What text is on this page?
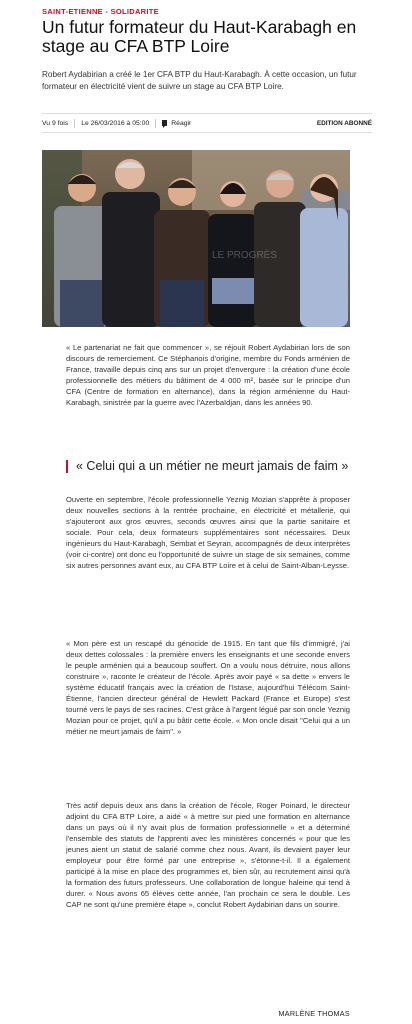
SAINT-ETIENNE - SOLIDARITE
Un futur formateur du Haut-Karabagh en stage au CFA BTP Loire
Robert Aydabirian a créé le 1er CFA BTP du Haut-Karabagh. À cette occasion, un futur formateur en électricité vient de suivre un stage au CFA BTP Loire.
Vu 9 fois Le 26/03/2016 à 05:00	Réagir	EDITION ABONNÉ
LE PROGRÈS

« Le partenariat ne fait que commencer », se réjouit Robert Aydabirian lors de son discours de remerciement. Ce Stéphanois d'origine, membre du Fonds arménien de France, travaille depuis cinq ans sur un projet d'envergure : la création d'une école professionnelle des métiers du bâtiment de 4 000 m², basée sur le principe d'un CFA (Centre de formation en alternance), dans la région arménienne du Haut-Karabagh, sinistrée par la guerre avec l'Azerbaïdjan, dans les années 90.

« Celui qui a un métier ne meurt jamais de faim »

Ouverte en septembre, l'école professionnelle Yeznig Mozian s'apprête à proposer deux nouvelles sections à la rentrée prochaine, en électricité et métallerie, qui s'ajouteront aux gros œuvres, seconds œuvres ainsi que la partie sanitaire et sociale. Pour cela, deux formateurs supplémentaires sont nécessaires. Deux ingénieurs du Haut-Karabagh, Sembat et Seyran, accompagnés de deux interprètes (voir ci-contre) ont donc eu l'opportunité de suivre un stage de six semaines, comme six autres personnes avant eux, au CFA BTP Loire et à celui de Saint-Alban-Leysse.

« Mon père est un rescapé du génocide de 1915. En tant que fils d'immigré, j'ai deux dettes colossales : la première envers les enseignants et une seconde envers le peuple arménien qui a beaucoup souffert. On a voulu nous détruire, nous allons construire », raconte le créateur de l'école. Après avoir payé « sa dette » envers le système éducatif français avec la création de l'Istase, aujourd'hui Télécom Saint-Étienne, l'ancien directeur général de Hewlett Packard (France et Europe) s'est tourné vers le pays de ses racines. C'est grâce à l'argent légué par son oncle Yeznig Mozian pour ce projet, qu'il a pu bâtir cette école. « Mon oncle disait "Celui qui a un métier ne meurt jamais de faim". »

Très actif depuis deux ans dans la création de l'école, Roger Poinard, le directeur adjoint du CFA BTP Loire, a aidé « à mettre sur pied une formation en alternance dans un pays où il n'y avait plus de formation professionnelle » et a déterminé l'ensemble des statuts de l'apprenti avec les ministères concernés « pour que les jeunes aient un statut de salarié comme chez nous. Avant, ils devaient payer leur employeur pour être formé par une entreprise », s'étonne-t-il. Il a également participé à la mise en place des programmes et, bien sûr, au recrutement ainsi qu'à la formation des futurs professeurs. Une collaboration de longue haleine qui tend à durer. « Nous avons 65 élèves cette année, l'an prochain ce sera le double. Les CAP ne sont qu'une première étape », conclut Robert Aydabirian dans un sourire.

MARLÈNE THOMAS
